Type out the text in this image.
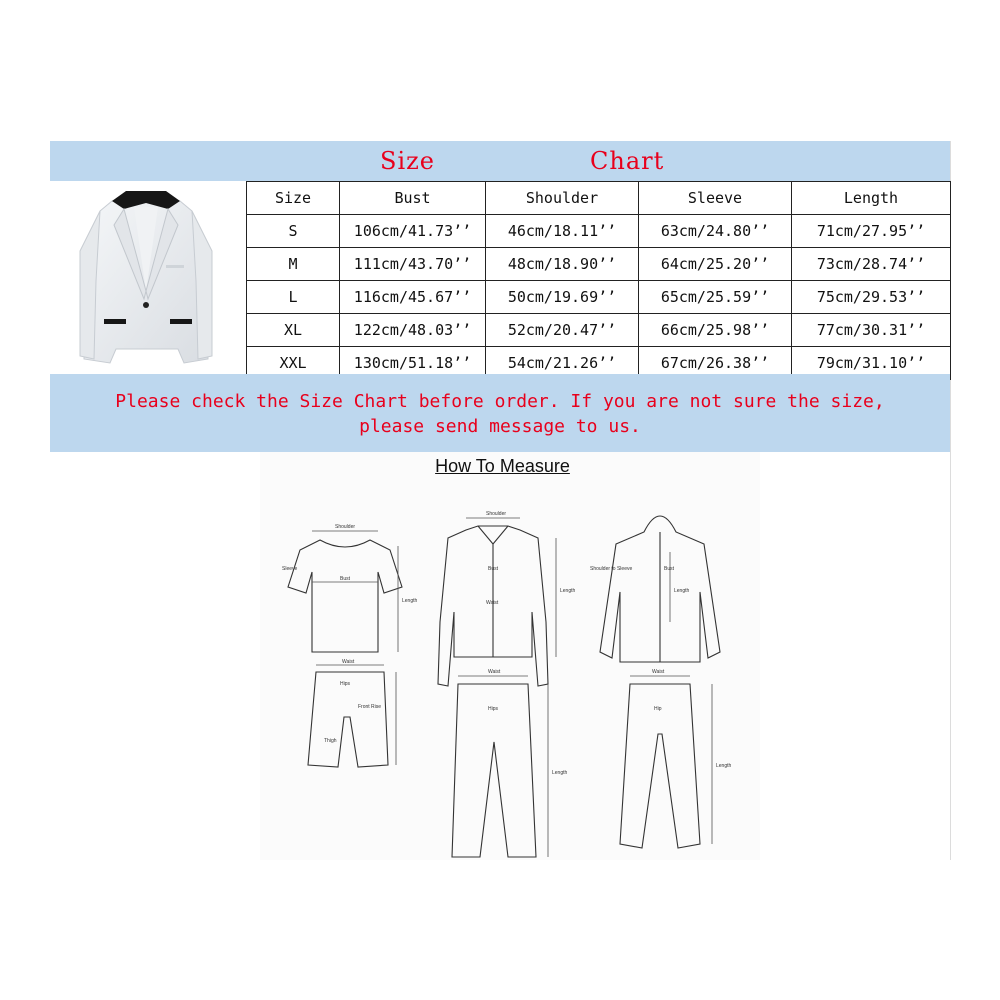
Size	Chart
Size	Bust	Shoulder	Sleeve	Length
S	106cm/41.73’’	46cm/18.11’’	63cm/24.80’’	71cm/27.95’’
M	111cm/43.70’’	48cm/18.90’’	64cm/25.20’’	73cm/28.74’’
L	116cm/45.67’’	50cm/19.69’’	65cm/25.59’’	75cm/29.53’’
XL	122cm/48.03’’	52cm/20.47’’	66cm/25.98’’	77cm/30.31’’
XXL	130cm/51.18’’	54cm/21.26’’	67cm/26.38’’	79cm/31.10’’
Please check the Size Chart before order. If you are not sure the size,
please send message to us.
How To Measure
Shoulder
Sleeve
Bust
Length
Waist
Hips
Front Rise
Thigh
Shoulder
Bust
Waist
Length
Waist
Hips
Length
Shoulder to Sleeve	Bust
Length
Waist
Hip
Length
